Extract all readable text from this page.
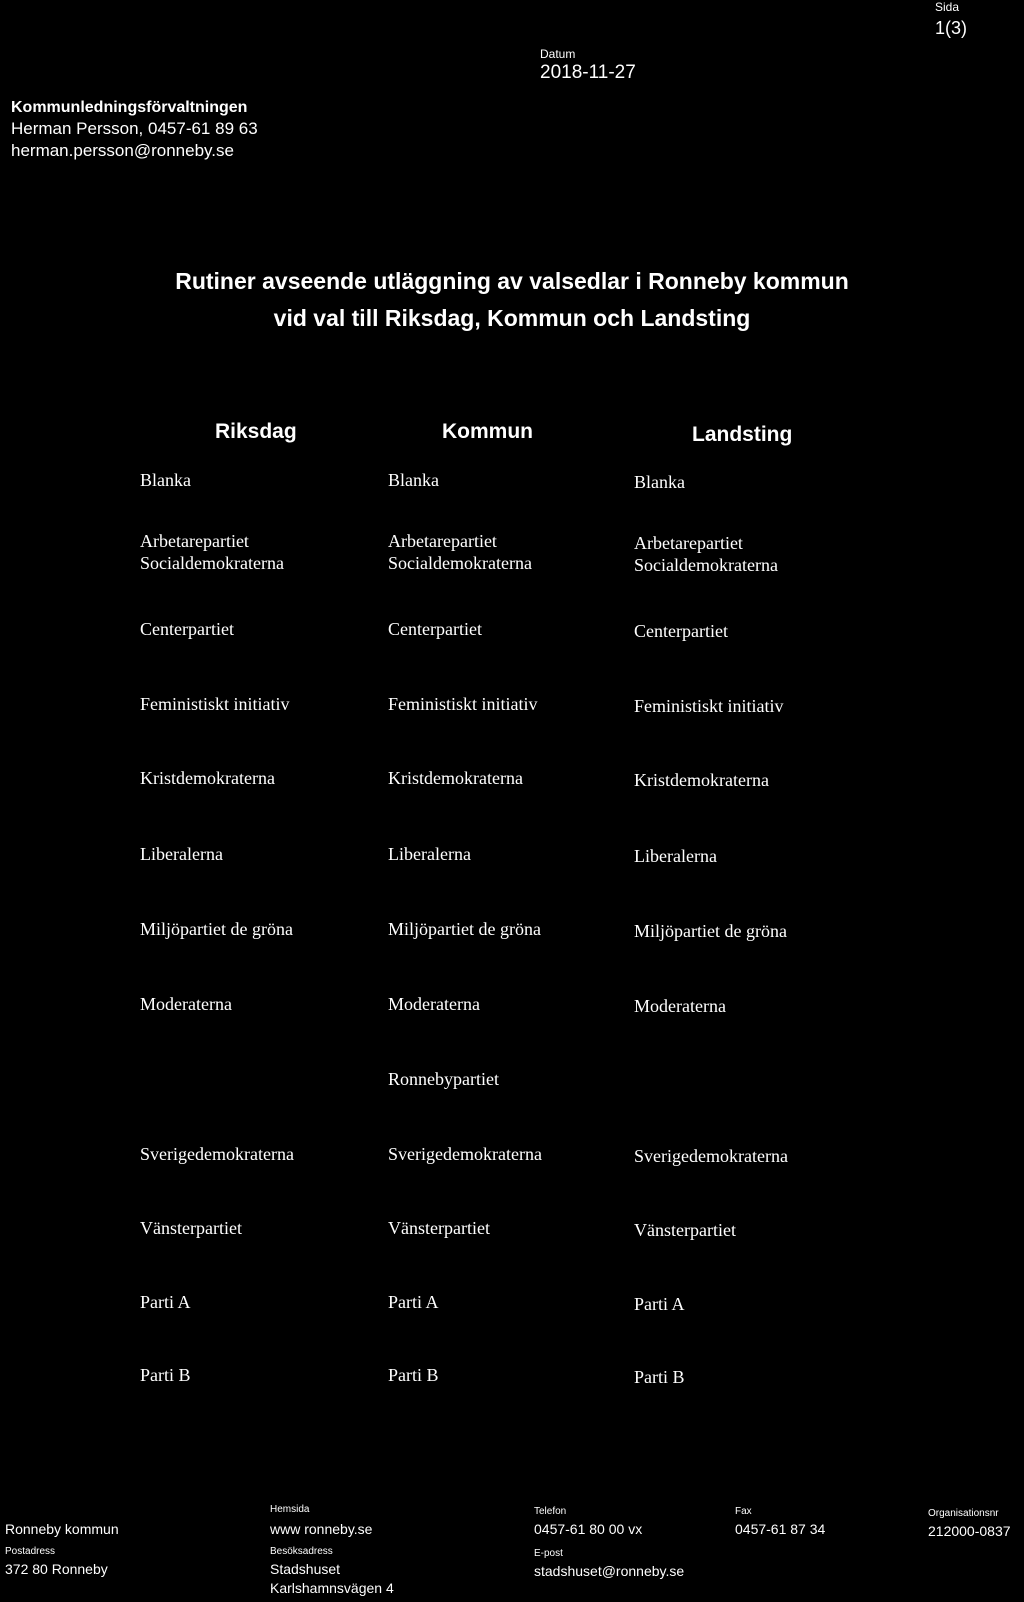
Sida
1(3)
Datum
2018-11-27
Kommunledningsförvaltningen
Herman Persson, 0457-61 89 63
herman.persson@ronneby.se
Rutiner avseende utläggning av valsedlar i Ronneby kommun
vid val till Riksdag, Kommun och Landsting
Riksdag	Kommun	Landsting
Blanka
Arbetarepartiet
Socialdemokraterna
Centerpartiet
Feministiskt initiativ
Kristdemokraterna
Liberalerna
Miljöpartiet de gröna
Moderaterna
Sverigedemokraterna
Vänsterpartiet
Parti A
Parti B
Blanka
Arbetarepartiet
Socialdemokraterna
Centerpartiet
Feministiskt initiativ
Kristdemokraterna
Liberalerna
Miljöpartiet de gröna
Moderaterna
Ronnebypartiet
Sverigedemokraterna
Vänsterpartiet
Parti A
Parti B
Blanka
Arbetarepartiet
Socialdemokraterna
Centerpartiet
Feministiskt initiativ
Kristdemokraterna
Liberalerna
Miljöpartiet de gröna
Moderaterna
Sverigedemokraterna
Vänsterpartiet
Parti A
Parti B
Ronneby kommun
Postadress
372 80 Ronneby
Hemsida
www ronneby.se
Besöksadress
Stadshuset
Karlshamnsvägen 4
Telefon
0457-61 80 00 vx
E-post
stadshuset@ronneby.se
Fax
0457-61 87 34
Organisationsnr
212000-0837
